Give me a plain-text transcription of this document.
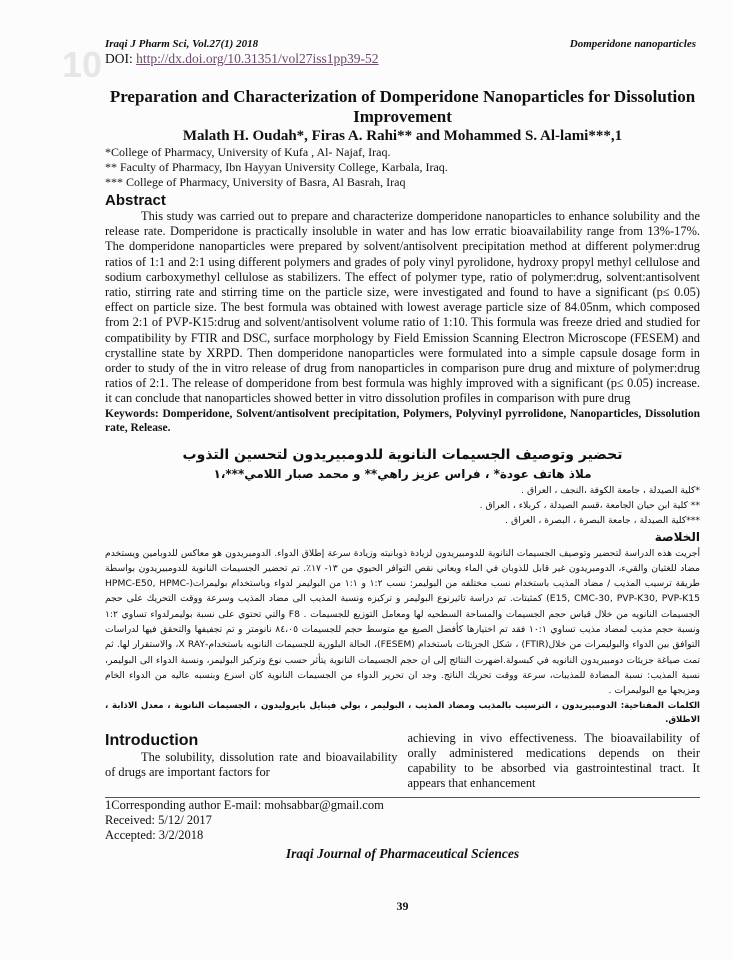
10 Iraqi J Pharm Sci, Vol.27(1) 2018	Domperidone nanoparticles
DOI: http://dx.doi.org/10.31351/vol27iss1pp39-52
Preparation and Characterization of Domperidone Nanoparticles for Dissolution Improvement
Malath H. Oudah*, Firas A. Rahi** and Mohammed S. Al-lami***,1
*College of Pharmacy, University of Kufa , Al- Najaf, Iraq.
** Faculty of Pharmacy, Ibn Hayyan University College, Karbala, Iraq.
*** College of Pharmacy, University of Basra, Al Basrah, Iraq
Abstract
This study was carried out to prepare and characterize domperidone nanoparticles to enhance solubility and the release rate. Domperidone is practically insoluble in water and has low erratic bioavailability range from 13%-17%. The domperidone nanoparticles were prepared by solvent/antisolvent precipitation method at different polymer:drug ratios of 1:1 and 2:1 using different polymers and grades of poly vinyl pyrolidone, hydroxy propyl methyl cellulose and sodium carboxymethyl cellulose as stabilizers. The effect of polymer type, ratio of polymer:drug, solvent:antisolvent ratio, stirring rate and stirring time on the particle size, were investigated and found to have a significant (p≤ 0.05) effect on particle size. The best formula was obtained with lowest average particle size of 84.05nm, which composed from 2:1 of PVP-K15:drug and solvent/antisolvent volume ratio of 1:10. This formula was freeze dried and studied for compatibility by FTIR and DSC, surface morphology by Field Emission Scanning Electron Microscope (FESEM) and crystalline state by XRPD. Then domperidone nanoparticles were formulated into a simple capsule dosage form in order to study of the in vitro release of drug from nanoparticles in comparison pure drug and mixture of polymer:drug ratios of 2:1. The release of domperidone from best formula was highly improved with a significant (p≤ 0.05) increase. it can conclude that nanoparticles showed better in vitro dissolution profiles in comparison with pure drug
Keywords: Domperidone, Solvent/antisolvent precipitation, Polymers, Polyvinyl pyrrolidone, Nanoparticles, Dissolution rate, Release.
تحضير وتوصيف الجسيمات النانوية للدومبيريدون لتحسين التذوب
ملاذ هاتف عودة* ، فراس عزيز راهي** و محمد صبار اللامي***،١
*كلية الصيدلة ، جامعة الكوفة ،النجف ، العراق .
** كلية ابن حيان الجامعة ،قسم الصيدلة ، كربلاء ، العراق .
***كلية الصيدلة ، جامعة البصرة ، البصرة ، العراق .
الخلاصة
أجريت هذه الدراسة لتحضير وتوصيف الجسيمات النانوية للدومبيريدون لزيادة ذوبانيته وزيادة سرعة إطلاق الدواء. الدومبريدون هو معاكس للدوبامين ويستخدم مضاد للغثيان والقيء، الدومبريدون غير قابل للذوبان في الماء ويعاني نقص التوافر الحيوي من ١٣- ١٧٪. تم تحضير الجسيمات النانوية للدومبيريدون بواسطة طريقة ترسيب المذيب / مضاد المذيب باستخدام نسب مختلفه من البوليمر: نسب ١:٢ و ١:١ من البوليمر لدواء وباستخدام بوليمرات(HPMC-E50, HPMC-E15, CMC-30, PVP-K30, PVP-K15) كمثبتات. تم دراسة تاثيرنوع البوليمر و تركيزه ونسبة المذيب الى مضاد المذيب وسرعة ووقت التحريك على حجم الجسيمات النانويه من خلال قياس حجم الجسيمات والمساحة السطحيه لها ومعامل التوزيع للجسيمات . F8 والتي تحتوي على نسبة بوليمرلدواء تساوي ١:٢ ونسبة حجم مذيب لمضاد مذيب تساوي ١٠:١ فقد تم اختيارها كأفضل الصيغ مع متوسط حجم للجسيمات ٨٤،٠٥ نانومتر و تم تجفيفها والتحقق فيها لدراسات التوافق بين الدواء والبوليمرات من خلال(FTIR) ، شكل الجزيئات باستخدام (FESEM)، الحالة البلورية للجسيمات النانويه باستخدام-X RAY، والاستقرار لها. ثم تمت صياغة جزيئات دومبيريدون النانويه في كبسولة.اضهرت النتائج إلى ان حجم الجسيمات النانوية يتأثر حسب نوع وتركيز البوليمر، ونسبة الدواء الى البوليمر، نسبة المذيب: نسبة المضادة للمذيبات، سرعة ووقت تحريك الناتج. وجد ان تحرير الدواء من الجسيمات النانوية كان اسرع وبنسبه عاليه من الدواء الخام ومزيجها مع البوليمرات .
الكلمات المفتاحية: الدومبيريدون ، الترسيب بالمذيب ومضاد المذيب ، البوليمر ، بولي فينايل بايروليدون ، الجسيمات النانوية ، معدل الاذابة ، الاطلاق.
Introduction
The solubility, dissolution rate and bioavailability of drugs are important factors for
achieving in vivo effectiveness. The bioavailability of orally administered medications depends on their capability to be absorbed via gastrointestinal tract. It appears that enhancement
1Corresponding author E-mail: mohsabbar@gmail.com
Received: 5/12/ 2017
Accepted: 3/2/2018
Iraqi Journal of Pharmaceutical Sciences
39
